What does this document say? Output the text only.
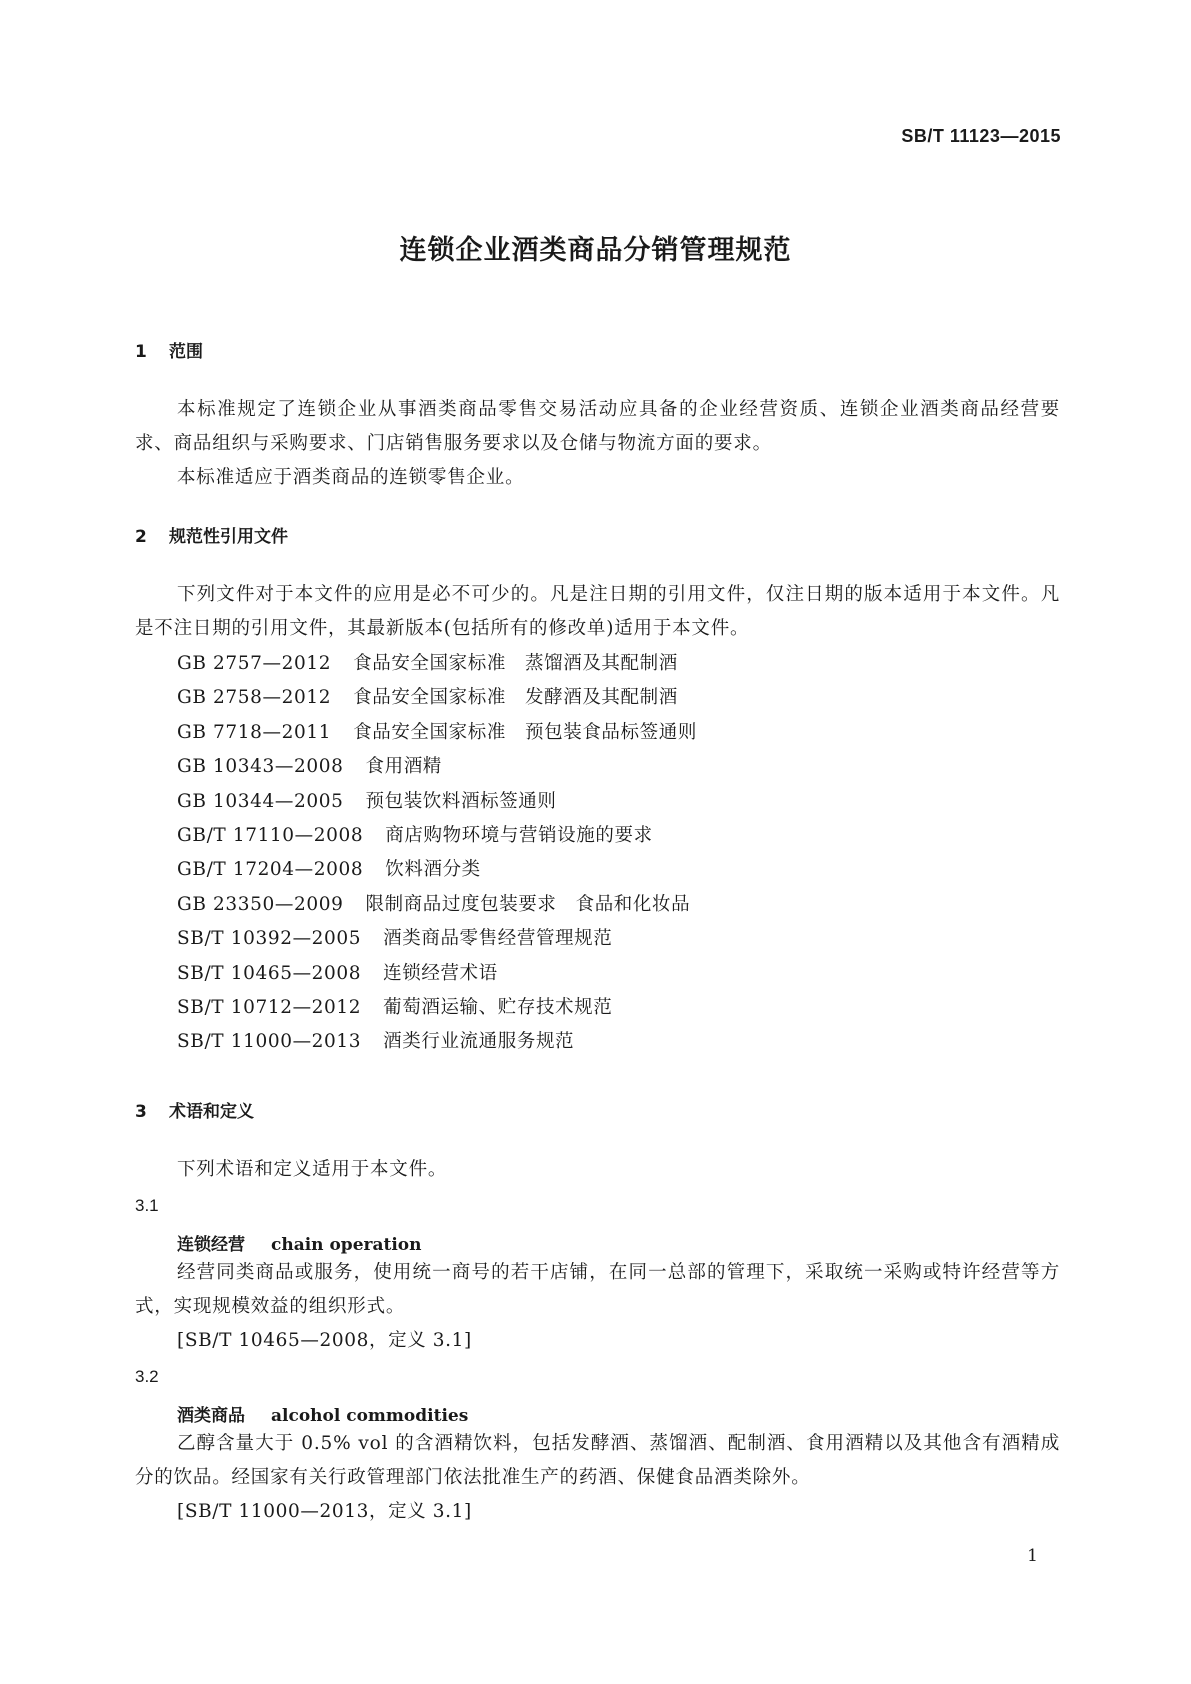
SB/T 11123—2015
连锁企业酒类商品分销管理规范
1 范围
本标准规定了连锁企业从事酒类商品零售交易活动应具备的企业经营资质、连锁企业酒类商品经营要求、商品组织与采购要求、门店销售服务要求以及仓储与物流方面的要求。
本标准适应于酒类商品的连锁零售企业。
2 规范性引用文件
下列文件对于本文件的应用是必不可少的。凡是注日期的引用文件，仅注日期的版本适用于本文件。凡是不注日期的引用文件，其最新版本(包括所有的修改单)适用于本文件。
GB 2757—2012 食品安全国家标准　蒸馏酒及其配制酒
GB 2758—2012 食品安全国家标准　发酵酒及其配制酒
GB 7718—2011 食品安全国家标准　预包装食品标签通则
GB 10343—2008 食用酒精
GB 10344—2005 预包装饮料酒标签通则
GB/T 17110—2008 商店购物环境与营销设施的要求
GB/T 17204—2008 饮料酒分类
GB 23350—2009 限制商品过度包装要求　食品和化妆品
SB/T 10392—2005 酒类商品零售经营管理规范
SB/T 10465—2008 连锁经营术语
SB/T 10712—2012 葡萄酒运输、贮存技术规范
SB/T 11000—2013 酒类行业流通服务规范
3 术语和定义
下列术语和定义适用于本文件。
3.1
连锁经营 chain operation
经营同类商品或服务，使用统一商号的若干店铺，在同一总部的管理下，采取统一采购或特许经营等方式，实现规模效益的组织形式。
[SB/T 10465—2008，定义 3.1]
3.2
酒类商品 alcohol commodities
乙醇含量大于 0.5% vol 的含酒精饮料，包括发酵酒、蒸馏酒、配制酒、食用酒精以及其他含有酒精成分的饮品。经国家有关行政管理部门依法批准生产的药酒、保健食品酒类除外。
[SB/T 11000—2013，定义 3.1]
1
